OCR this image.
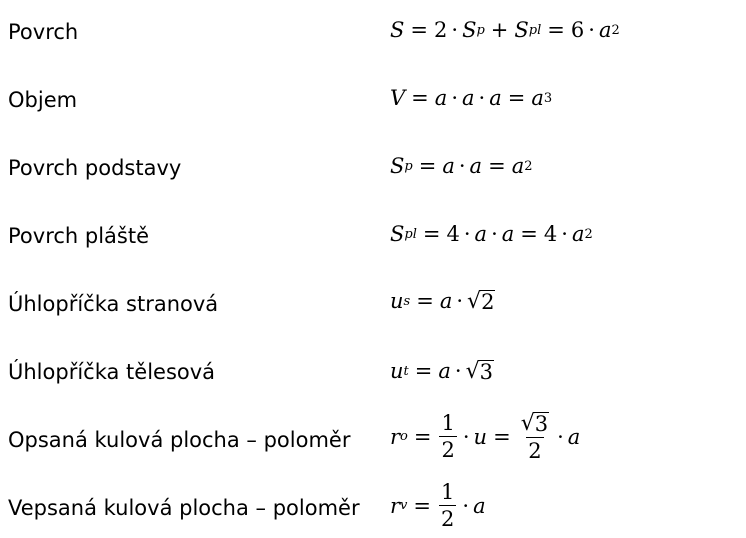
Povrch	S = 2 · S p + S pl = 6 · a 2
Objem	V = a · a · a = a 3
Povrch podstavy	S p = a · a = a 2
Povrch pláště	S pl = 4 · a · a = 4 · a 2
Úhlopříčka stranová	u s = a · √ 2
Úhlopříčka tělesová	u t = a · √ 3
Opsaná kulová plocha – poloměr r $o = \frac{1}{2} \cdot u = \frac{√ 3}{2} \cdot a$
Vepsaná kulová plocha – poloměr r $v = \frac{1}{2} \cdot a$
